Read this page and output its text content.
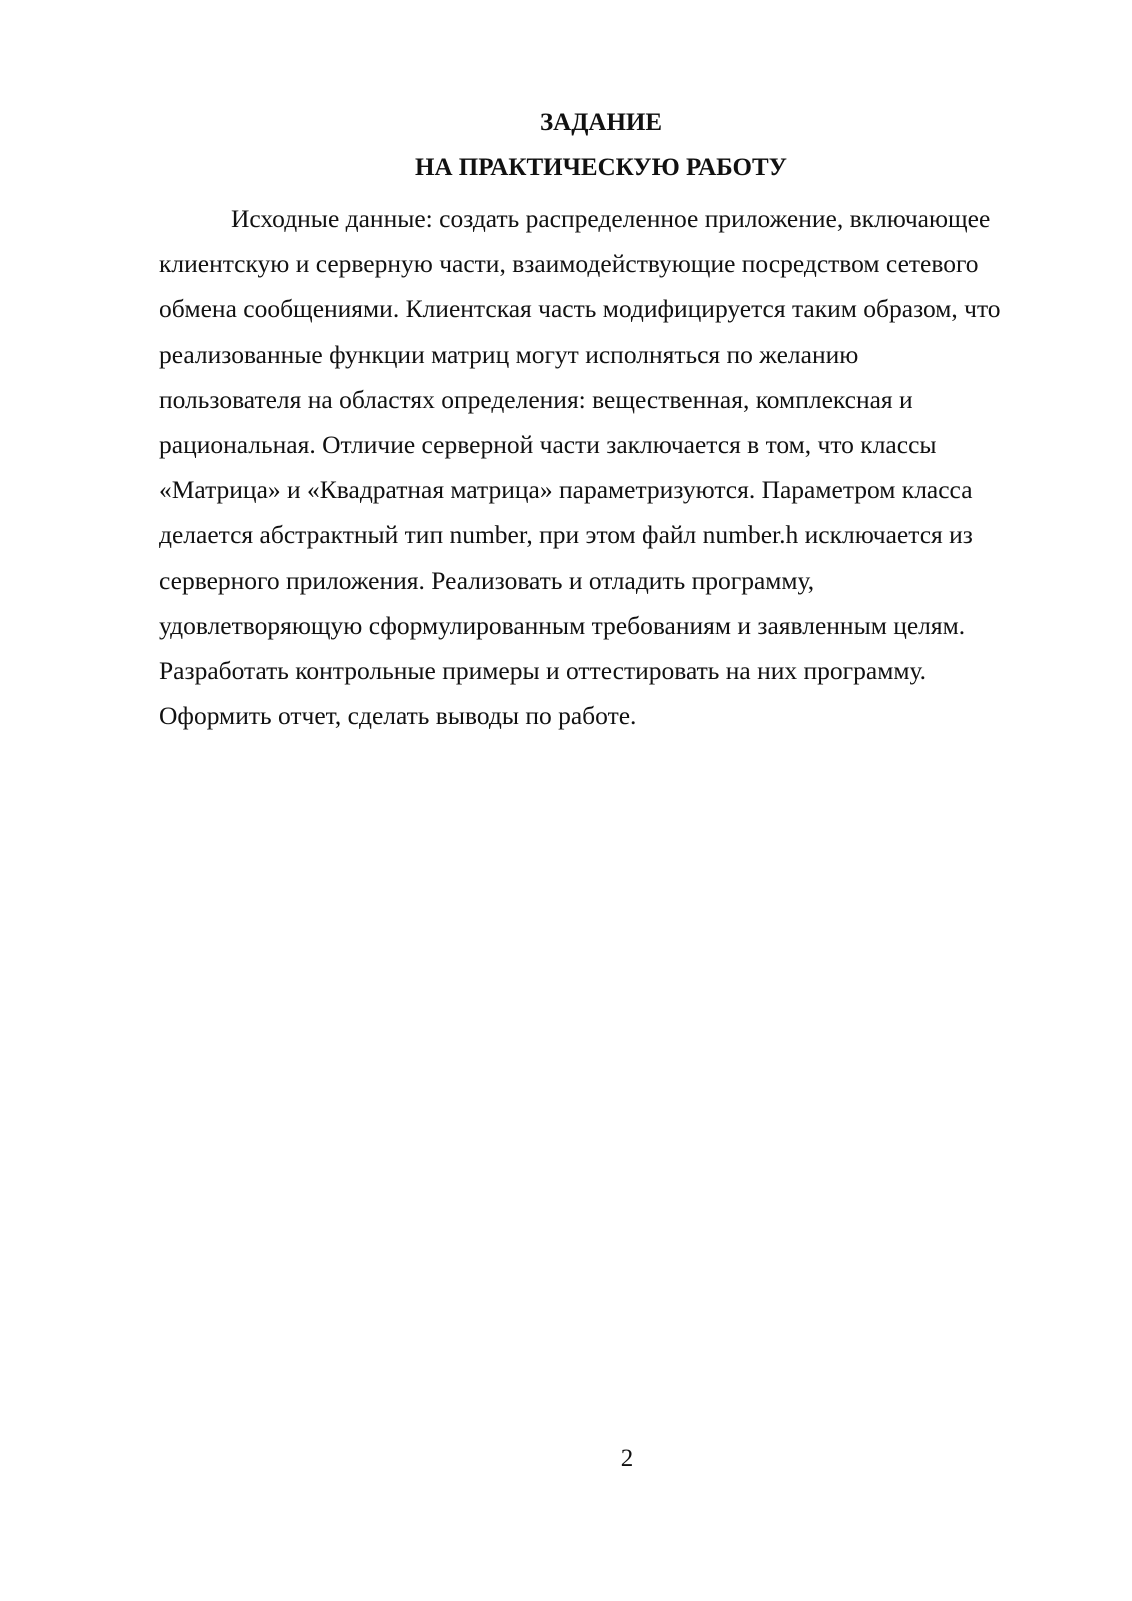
ЗАДАНИЕ
НА ПРАКТИЧЕСКУЮ РАБОТУ
Исходные данные: создать распределенное приложение, включающее
клиентскую и серверную части, взаимодействующие посредством сетевого
обмена сообщениями. Клиентская часть модифицируется таким образом, что
реализованные функции матриц могут исполняться по желанию
пользователя на областях определения: вещественная, комплексная и
рациональная. Отличие серверной части заключается в том, что классы
«Матрица» и «Квадратная матрица» параметризуются. Параметром класса
делается абстрактный тип number, при этом файл number.h исключается из
серверного приложения. Реализовать и отладить программу,
удовлетворяющую сформулированным требованиям и заявленным целям.
Разработать контрольные примеры и оттестировать на них программу.
Оформить отчет, сделать выводы по работе.
2
